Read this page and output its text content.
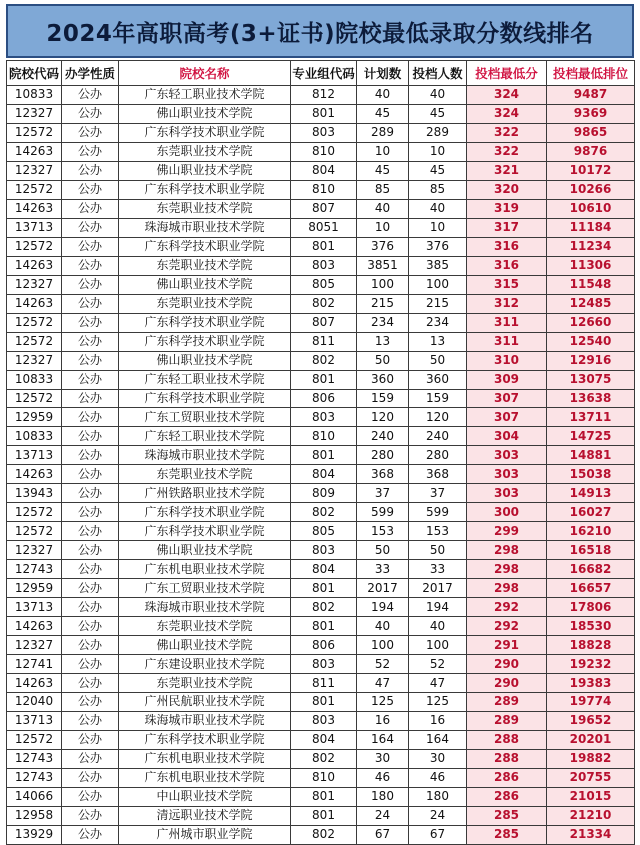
2024年高职高考(3+证书)院校最低录取分数线排名
院校代码	办学性质	院校名称	专业组代码	计划数	投档人数	投档最低分	投档最低排位
10833	公办	广东轻工职业技术学院	812	40	40	324	9487
12327	公办	佛山职业技术学院	801	45	45	324	9369
12572	公办	广东科学技术职业学院	803	289	289	322	9865
14263	公办	东莞职业技术学院	810	10	10	322	9876
12327	公办	佛山职业技术学院	804	45	45	321	10172
12572	公办	广东科学技术职业学院	810	85	85	320	10266
14263	公办	东莞职业技术学院	807	40	40	319	10610
13713	公办	珠海城市职业技术学院	8051	10	10	317	11184
12572	公办	广东科学技术职业学院	801	376	376	316	11234
14263	公办	东莞职业技术学院	803	3851	385	316	11306
12327	公办	佛山职业技术学院	805	100	100	315	11548
14263	公办	东莞职业技术学院	802	215	215	312	12485
12572	公办	广东科学技术职业学院	807	234	234	311	12660
12572	公办	广东科学技术职业学院	811	13	13	311	12540
12327	公办	佛山职业技术学院	802	50	50	310	12916
10833	公办	广东轻工职业技术学院	801	360	360	309	13075
12572	公办	广东科学技术职业学院	806	159	159	307	13638
12959	公办	广东工贸职业技术学院	803	120	120	307	13711
10833	公办	广东轻工职业技术学院	810	240	240	304	14725
13713	公办	珠海城市职业技术学院	801	280	280	303	14881
14263	公办	东莞职业技术学院	804	368	368	303	15038
13943	公办	广州铁路职业技术学院	809	37	37	303	14913
12572	公办	广东科学技术职业学院	802	599	599	300	16027
12572	公办	广东科学技术职业学院	805	153	153	299	16210
12327	公办	佛山职业技术学院	803	50	50	298	16518
12743	公办	广东机电职业技术学院	804	33	33	298	16682
12959	公办	广东工贸职业技术学院	801	2017	2017	298	16657
13713	公办	珠海城市职业技术学院	802	194	194	292	17806
14263	公办	东莞职业技术学院	801	40	40	292	18530
12327	公办	佛山职业技术学院	806	100	100	291	18828
12741	公办	广东建设职业技术学院	803	52	52	290	19232
14263	公办	东莞职业技术学院	811	47	47	290	19383
12040	公办	广州民航职业技术学院	801	125	125	289	19774
13713	公办	珠海城市职业技术学院	803	16	16	289	19652
12572	公办	广东科学技术职业学院	804	164	164	288	20201
12743	公办	广东机电职业技术学院	802	30	30	288	19882
12743	公办	广东机电职业技术学院	810	46	46	286	20755
14066	公办	中山职业技术学院	801	180	180	286	21015
12958	公办	清远职业技术学院	801	24	24	285	21210
13929	公办	广州城市职业学院	802	67	67	285	21334
